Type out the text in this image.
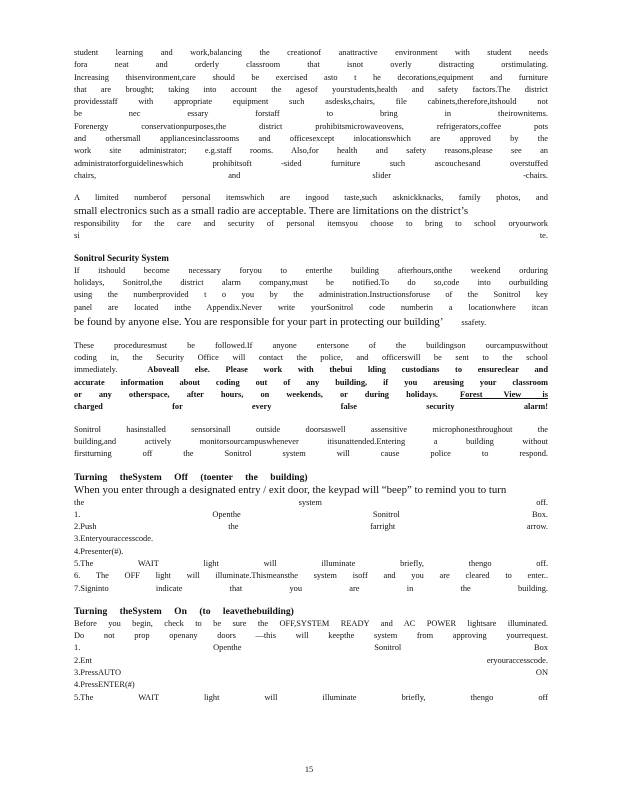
student learning and work,balancing the creationof anattractive environment with student needs
fora neat and orderly classroom that isnot overly distracting orstimulating.
Increasing thisenvironment,care should be exercised asto t he decorations,equipment and furniture
that are brought; taking into account the agesof yourstudents,health and safety factors.The district
providesstaff with appropriate equipment such asdesks,chairs, file cabinets,therefore,itshould not
be nec essary forstaff to bring in theirownitems.
Forenergy conservationpurposes,the district prohibitsmicrowaveovens, refrigerators,coffee pots
and othersmall appliancesinclassrooms and officesexcept inlocationswhich are approved by the
work site administrator; e.g.staff rooms. Also,for health and safety reasons,please see an
administratorforguidelineswhich prohibitsoft -sided furniture such ascouchesand overstuffed
chairs, and slider -chairs.
A limited numberof personal itemswhich are ingood taste,such asknickknacks, family photos, and
small electronics such as a small radio are acceptable. There are limitations on the district’s
responsibility for the care and security of personal itemsyou choose to bring to school oryourwork
si te.
Sonitrol Security System
If itshould become necessary foryou to enterthe building afterhours,onthe weekend orduring
holidays, Sonitrol,the district alarm company,must be notified.To do so,code into ourbuilding
using the numberprovided t o you by the administration.Instructionsforuse of the Sonitrol key
panel are located inthe Appendix.Never write yourSonitrol code numberin a locationwhere itcan
be found by anyone else. You are responsible for your part in protecting our building’ ssafety.
These proceduresmust be followed.If anyone entersone of the buildingson ourcampuswithout
coding in, the Security Office will contact the police, and officerswill be sent to the school
immediately.	Aboveall else. Please work with thebui lding custodians to ensureclear and
accurate information about coding out of any building, if you areusing your classroom
or any otherspace, after hours, on weekends, or during holidays.	Forest View is
charged for every false security alarm!
Sonitrol hasinstalled sensorsinall outside doorsaswell assensitive microphonesthroughout the
building,and actively monitorsourcampuswhenever itisunattended.Entering a building without
firstturning off the Sonitrol system will cause police to respond.
Turning theSystem Off (toenter the building)
When you enter through a designated entry / exit door, the keypad will “beep” to remind you to turn
the system off.
1. Openthe Sonitrol Box.
2.Push the farright arrow.
3.Enteryouraccesscode.
4.Presenter(#).
5.The WAIT light will illuminate briefly, thengo off.
6. The OFF light will illuminate.Thismeansthe system isoff and you are cleared to enter..
7.Signinto indicate that you are in the building.
Turning theSystem On (to leavethebuilding)
Before you begin, check to be sure the OFF,SYSTEM READY and AC POWER lightsare illuminated.
Do not prop openany doors —this will keepthe system from approving yourrequest.
1. Openthe Sonitrol Box
2.Ent eryouraccesscode.
3.PressAUTO ON
4.PressENTER(#)
5.The WAIT light will illuminate briefly, thengo off
15
